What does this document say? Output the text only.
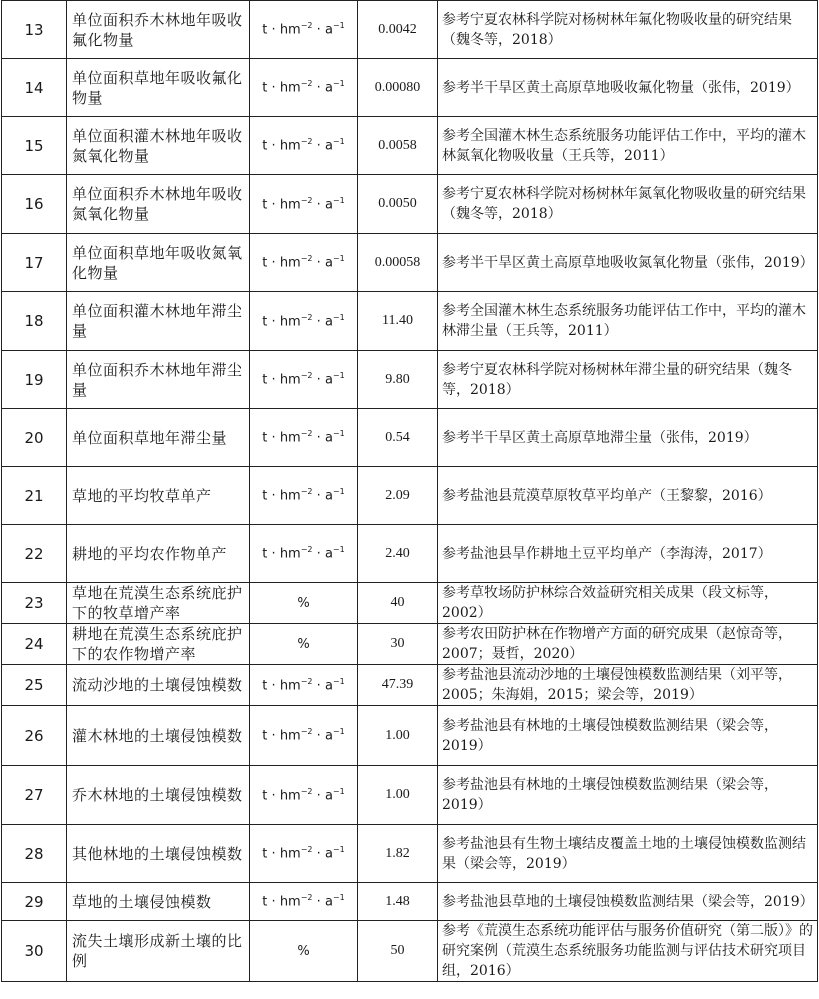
13	单位面积乔木林地年吸收氟化物量	$t \cdot hm^{-2} \cdot a^{-1}$	0.0042	参考宁夏农林科学院对杨树林年氟化物吸收量的研究结果（魏冬等，2018）
14	单位面积草地年吸收氟化物量	$t \cdot hm^{-2} \cdot a^{-1}$	0.00080	参考半干旱区黄土高原草地吸收氟化物量（张伟，2019）
15	单位面积灌木林地年吸收氮氧化物量	$t \cdot hm^{-2} \cdot a^{-1}$	0.0058	参考全国灌木林生态系统服务功能评估工作中，平均的灌木林氮氧化物吸收量（王兵等，2011）
16	单位面积乔木林地年吸收氮氧化物量	$t \cdot hm^{-2} \cdot a^{-1}$	0.0050	参考宁夏农林科学院对杨树林年氮氧化物吸收量的研究结果（魏冬等，2018）
17	单位面积草地年吸收氮氧化物量	$t \cdot hm^{-2} \cdot a^{-1}$	0.00058	参考半干旱区黄土高原草地吸收氮氧化物量（张伟，2019）
18	单位面积灌木林地年滞尘量	$t \cdot hm^{-2} \cdot a^{-1}$	11.40	参考全国灌木林生态系统服务功能评估工作中，平均的灌木林滞尘量（王兵等，2011）
19	单位面积乔木林地年滞尘量	$t \cdot hm^{-2} \cdot a^{-1}$	9.80	参考宁夏农林科学院对杨树林年滞尘量的研究结果（魏冬等，2018）
20	单位面积草地年滞尘量	$t \cdot hm^{-2} \cdot a^{-1}$	0.54	参考半干旱区黄土高原草地滞尘量（张伟，2019）
21	草地的平均牧草单产	$t \cdot hm^{-2} \cdot a^{-1}$	2.09	参考盐池县荒漠草原牧草平均单产（王黎黎，2016）
22	耕地的平均农作物单产	$t \cdot hm^{-2} \cdot a^{-1}$	2.40	参考盐池县旱作耕地土豆平均单产（李海涛，2017）
23	草地在荒漠生态系统庇护下的牧草增产率	%	40	参考草牧场防护林综合效益研究相关成果（段文标等，2002）
24	耕地在荒漠生态系统庇护下的农作物增产率	%	30	参考农田防护林在作物增产方面的研究成果（赵惊奇等，2007；聂哲，2020）
25	流动沙地的土壤侵蚀模数	$t \cdot hm^{-2} \cdot a^{-1}$	47.39	参考盐池县流动沙地的土壤侵蚀模数监测结果（刘平等，2005；朱海娟，2015；梁会等，2019）
26	灌木林地的土壤侵蚀模数	$t \cdot hm^{-2} \cdot a^{-1}$	1.00	参考盐池县有林地的土壤侵蚀模数监测结果（梁会等，2019）
27	乔木林地的土壤侵蚀模数	$t \cdot hm^{-2} \cdot a^{-1}$	1.00	参考盐池县有林地的土壤侵蚀模数监测结果（梁会等，2019）
28	其他林地的土壤侵蚀模数	$t \cdot hm^{-2} \cdot a^{-1}$	1.82	参考盐池县有生物土壤结皮覆盖土地的土壤侵蚀模数监测结果（梁会等，2019）
29	草地的土壤侵蚀模数	$t \cdot hm^{-2} \cdot a^{-1}$	1.48	参考盐池县草地的土壤侵蚀模数监测结果（梁会等，2019）
30	流失土壤形成新土壤的比例	%	50	参考《荒漠生态系统功能评估与服务价值研究（第二版）》的研究案例（荒漠生态系统服务功能监测与评估技术研究项目组，2016）
